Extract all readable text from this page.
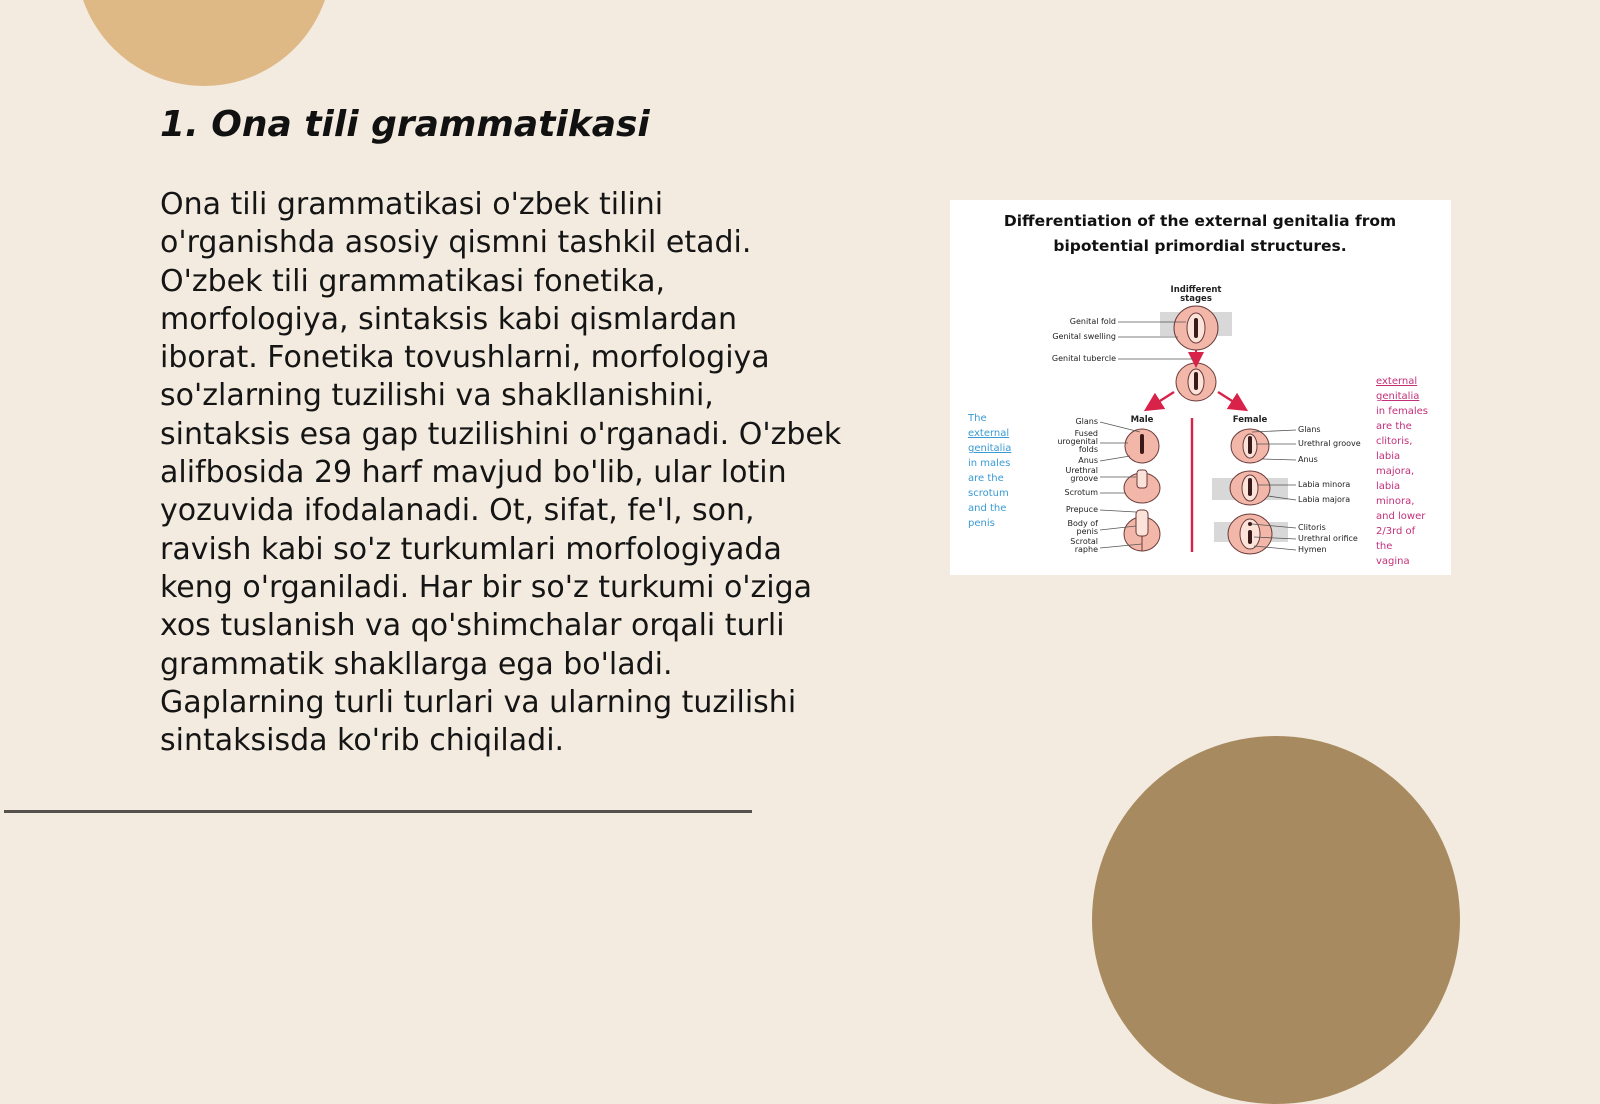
1. Ona tili grammatikasi
Ona tili grammatikasi o'zbek tilini
o'rganishda asosiy qismni tashkil etadi.
O'zbek tili grammatikasi fonetika,
morfologiya, sintaksis kabi qismlardan
iborat. Fonetika tovushlarni, morfologiya
so'zlarning tuzilishi va shakllanishini,
sintaksis esa gap tuzilishini o'rganadi. O'zbek
alifbosida 29 harf mavjud bo'lib, ular lotin
yozuvida ifodalanadi. Ot, sifat, fe'l, son,
ravish kabi so'z turkumlari morfologiyada
keng o'rganiladi. Har bir so'z turkumi o'ziga
xos tuslanish va qo'shimchalar orqali turli
grammatik shakllarga ega bo'ladi.
Gaplarning turli turlari va ularning tuzilishi
sintaksisda ko'rib chiqiladi.
Differentiation of the external genitalia from
bipotential primordial structures.
Indifferent
stages
Genital fold
Genital swelling
Genital tubercle
Male	Female
Glans
Fused
urogenital
folds
Anus
Urethral
groove
Scrotum
Prepuce
Body of
penis
Scrotal
raphe
Glans
Urethral groove
Anus
Labia minora
Labia majora
Clitoris
Urethral orifice
Hymen
The
external
genitalia
in males
are the
scrotum
and the
penis
external
genitalia
in females
are the
clitoris,
labia
majora,
labia
minora,
and lower
2/3rd of
the
vagina
